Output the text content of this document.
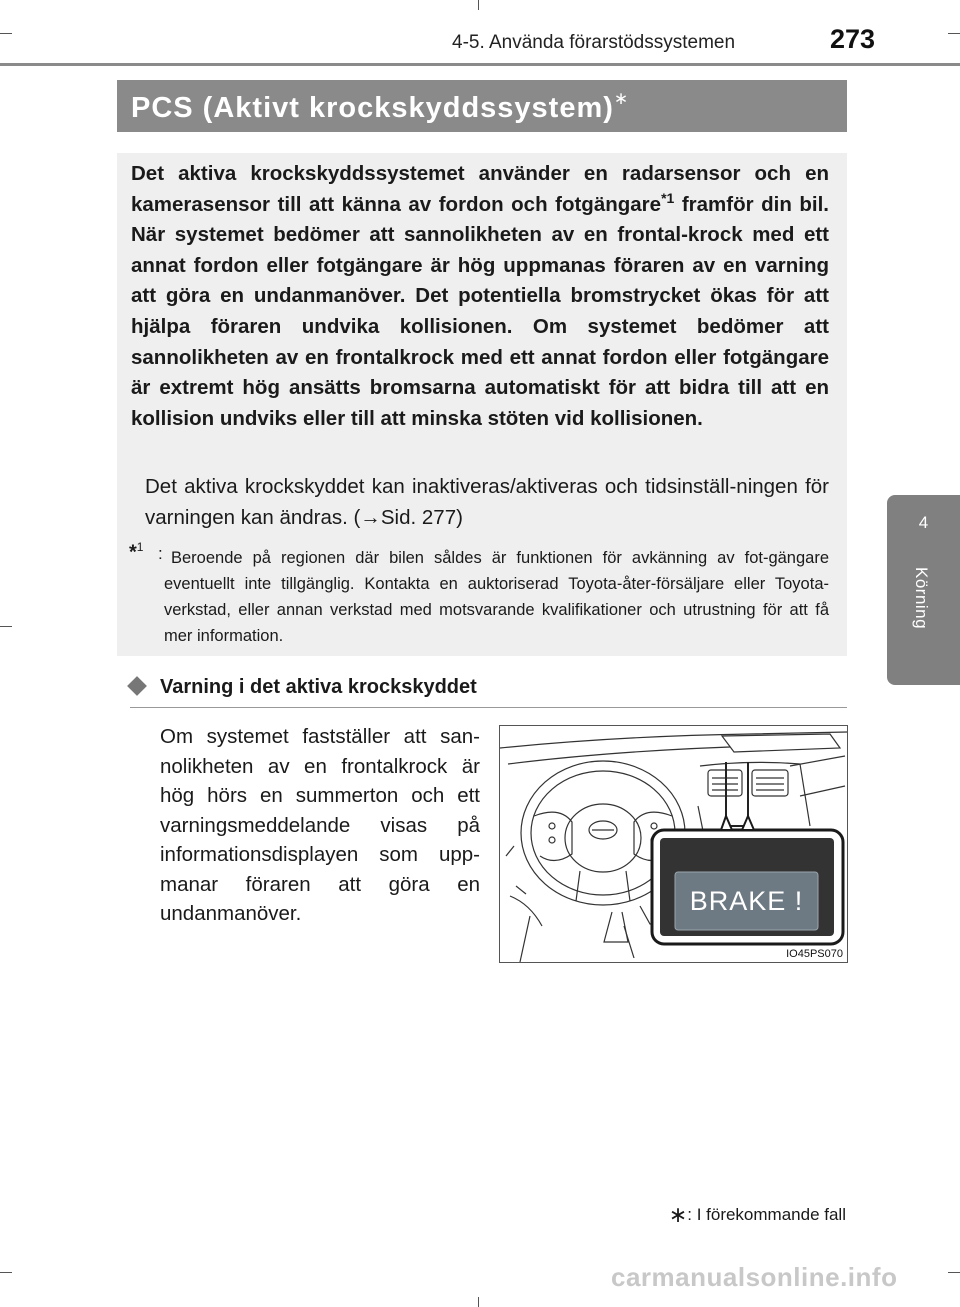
4-5. Använda förarstödssystemen	273
4
Körning
PCS (Aktivt krockskyddssystem)∗
Det aktiva krockskyddssystemet använder en radarsensor och en kamerasensor till att känna av fordon och fotgängare$^{*1}$ framför din bil. När systemet bedömer att sannolikheten av en frontal-krock med ett annat fordon eller fotgängare är hög uppmanas föraren av en varning att göra en undanmanöver. Det potentiella bromstrycket ökas för att hjälpa föraren undvika kollisionen. Om systemet bedömer att sannolikheten av en frontalkrock med ett annat fordon eller fotgängare är extremt hög ansätts bromsarna automatiskt för att bidra till att en kollision undviks eller till att minska stöten vid kollisionen.
Det aktiva krockskyddet kan inaktiveras/aktiveras och tidsinställ-ningen för varningen kan ändras. (→Sid. 277)
*$^1$ : Beroende på regionen där bilen såldes är funktionen för avkänning av fot-gängare eventuellt inte tillgänglig. Kontakta en auktoriserad Toyota-åter-försäljare eller Toyota-verkstad, eller annan verkstad med motsvarande kvalifikationer och utrustning för att få mer information.
Varning i det aktiva krockskyddet
Om systemet fastställer att san-nolikheten av en frontalkrock är hög hörs en summerton och ett varningsmeddelande visas på informationsdisplayen som upp-manar föraren att göra en undanmanöver.	BRAKE !
IO45PS070
∗: I förekommande fall
carmanualsonline.info
